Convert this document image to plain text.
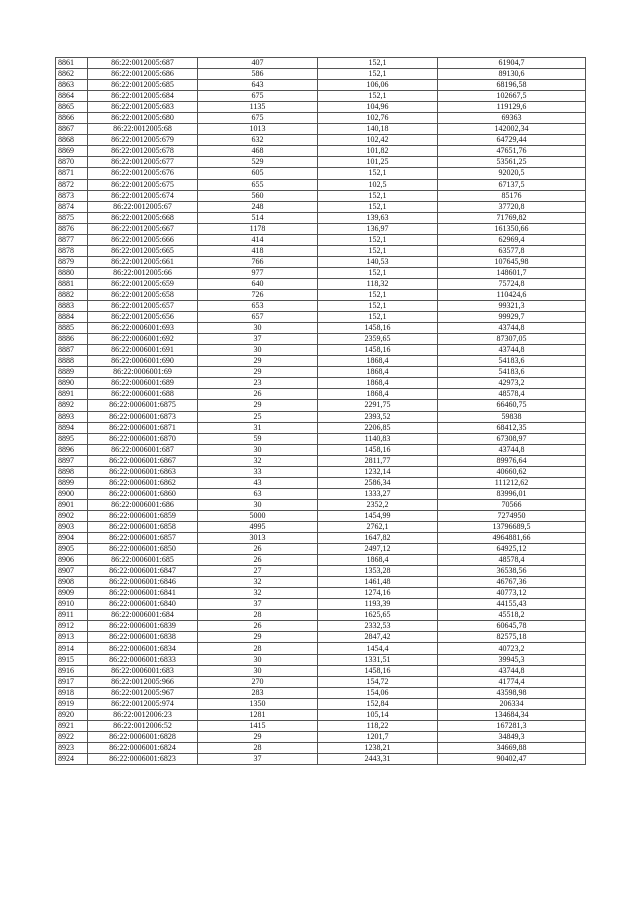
8861	86:22:0012005:687	407	152,1	61904,7
8862	86:22:0012005:686	586	152,1	89130,6
8863	86:22:0012005:685	643	106,06	68196,58
8864	86:22:0012005:684	675	152,1	102667,5
8865	86:22:0012005:683	1135	104,96	119129,6
8866	86:22:0012005:680	675	102,76	69363
8867	86:22:0012005:68	1013	140,18	142002,34
8868	86:22:0012005:679	632	102,42	64729,44
8869	86:22:0012005:678	468	101,82	47651,76
8870	86:22:0012005:677	529	101,25	53561,25
8871	86:22:0012005:676	605	152,1	92020,5
8872	86:22:0012005:675	655	102,5	67137,5
8873	86:22:0012005:674	560	152,1	85176
8874	86:22:0012005:67	248	152,1	37720,8
8875	86:22:0012005:668	514	139,63	71769,82
8876	86:22:0012005:667	1178	136,97	161350,66
8877	86:22:0012005:666	414	152,1	62969,4
8878	86:22:0012005:665	418	152,1	63577,8
8879	86:22:0012005:661	766	140,53	107645,98
8880	86:22:0012005:66	977	152,1	148601,7
8881	86:22:0012005:659	640	118,32	75724,8
8882	86:22:0012005:658	726	152,1	110424,6
8883	86:22:0012005:657	653	152,1	99321,3
8884	86:22:0012005:656	657	152,1	99929,7
8885	86:22:0006001:693	30	1458,16	43744,8
8886	86:22:0006001:692	37	2359,65	87307,05
8887	86:22:0006001:691	30	1458,16	43744,8
8888	86:22:0006001:690	29	1868,4	54183,6
8889	86:22:0006001:69	29	1868,4	54183,6
8890	86:22:0006001:689	23	1868,4	42973,2
8891	86:22:0006001:688	26	1868,4	48578,4
8892	86:22:0006001:6875	29	2291,75	66460,75
8893	86:22:0006001:6873	25	2393,52	59838
8894	86:22:0006001:6871	31	2206,85	68412,35
8895	86:22:0006001:6870	59	1140,83	67308,97
8896	86:22:0006001:687	30	1458,16	43744,8
8897	86:22:0006001:6867	32	2811,77	89976,64
8898	86:22:0006001:6863	33	1232,14	40660,62
8899	86:22:0006001:6862	43	2586,34	111212,62
8900	86:22:0006001:6860	63	1333,27	83996,01
8901	86:22:0006001:686	30	2352,2	70566
8902	86:22:0006001:6859	5000	1454,99	7274950
8903	86:22:0006001:6858	4995	2762,1	13796689,5
8904	86:22:0006001:6857	3013	1647,82	4964881,66
8905	86:22:0006001:6850	26	2497,12	64925,12
8906	86:22:0006001:685	26	1868,4	48578,4
8907	86:22:0006001:6847	27	1353,28	36538,56
8908	86:22:0006001:6846	32	1461,48	46767,36
8909	86:22:0006001:6841	32	1274,16	40773,12
8910	86:22:0006001:6840	37	1193,39	44155,43
8911	86:22:0006001:684	28	1625,65	45518,2
8912	86:22:0006001:6839	26	2332,53	60645,78
8913	86:22:0006001:6838	29	2847,42	82575,18
8914	86:22:0006001:6834	28	1454,4	40723,2
8915	86:22:0006001:6833	30	1331,51	39945,3
8916	86:22:0006001:683	30	1458,16	43744,8
8917	86:22:0012005:966	270	154,72	41774,4
8918	86:22:0012005:967	283	154,06	43598,98
8919	86:22:0012005:974	1350	152,84	206334
8920	86:22:0012006:23	1281	105,14	134684,34
8921	86:22:0012006:52	1415	118,22	167281,3
8922	86:22:0006001:6828	29	1201,7	34849,3
8923	86:22:0006001:6824	28	1238,21	34669,88
8924	86:22:0006001:6823	37	2443,31	90402,47
